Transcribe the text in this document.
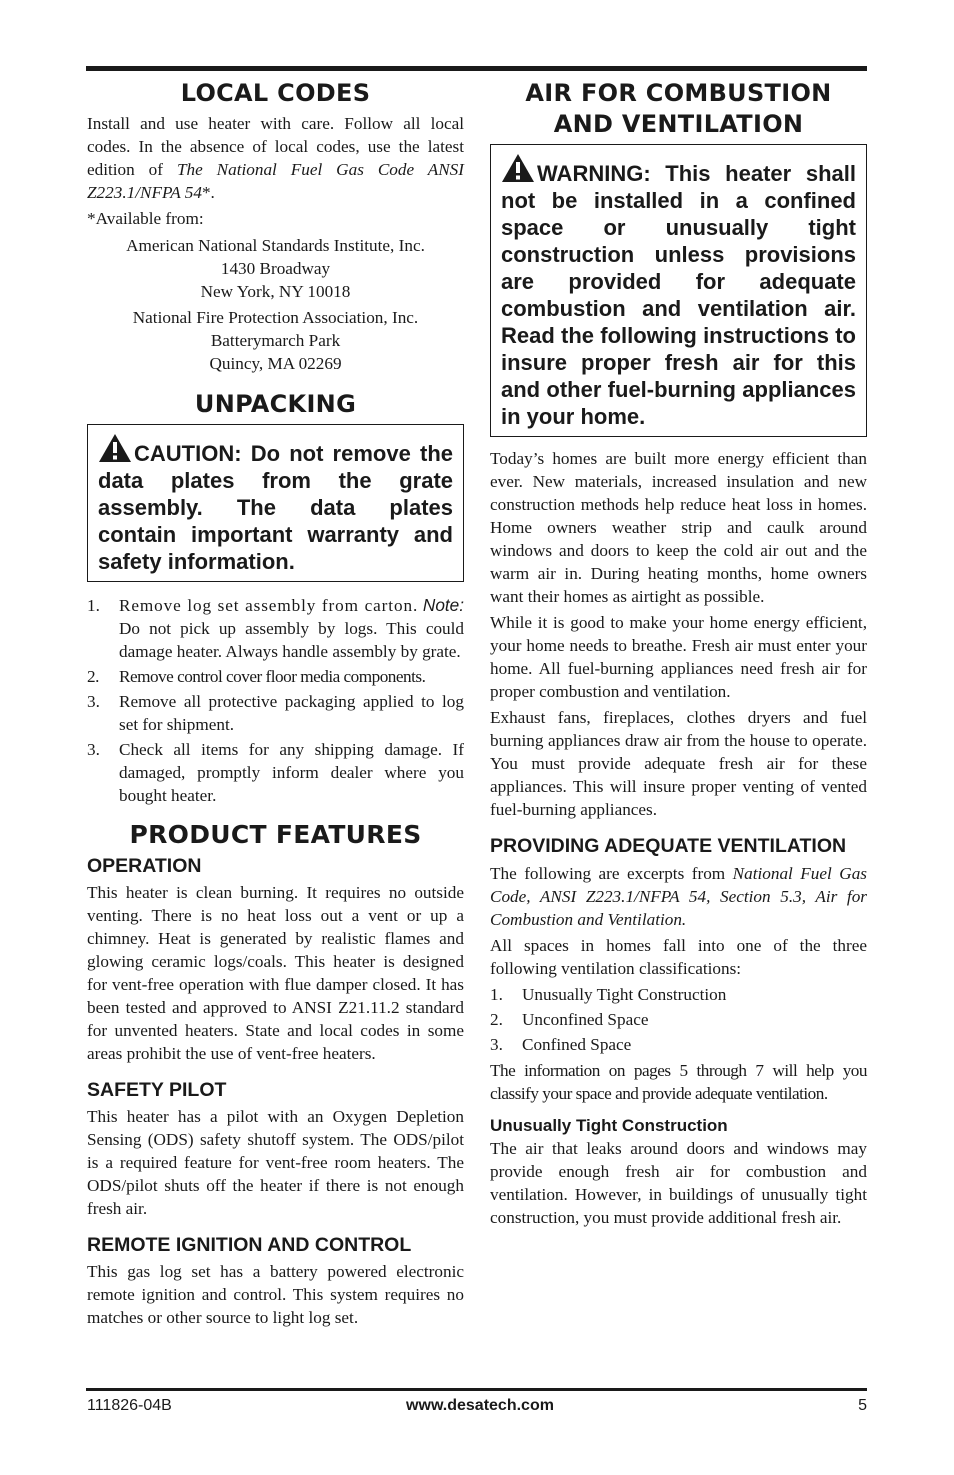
LOCAL CODES

Install and use heater with care. Follow all local codes. In the absence of local codes, use the latest edition of The National Fuel Gas Code ANSI Z223.1/NFPA 54*.

*Available from:

American National Standards Institute, Inc.

1430 Broadway

New York, NY 10018

National Fire Protection Association, Inc.

Batterymarch Park

Quincy, MA 02269

UNPACKING
CAUTION: Do not remove the data plates from the grate assembly. The data plates contain important warranty and safety information.
1. Remove log set assembly from carton. Note: Do not pick up assembly by logs. This could damage heater. Always handle assembly by grate.
2. Remove control cover floor media components.
3. Remove all protective packaging applied to log set for shipment.
3. Check all items for any shipping damage. If damaged, promptly inform dealer where you bought heater.
PRODUCT FEATURES
OPERATION

This heater is clean burning. It requires no outside venting. There is no heat loss out a vent or up a chimney. Heat is generated by realistic flames and glowing ceramic logs/coals. This heater is designed for vent-free operation with flue damper closed. It has been tested and approved to ANSI Z21.11.2 standard for unvented heaters. State and local codes in some areas prohibit the use of vent-free heaters.

SAFETY PILOT

This heater has a pilot with an Oxygen Depletion Sensing (ODS) safety shutoff system. The ODS/pilot is a required feature for vent-free room heaters. The ODS/pilot shuts off the heater if there is not enough fresh air.

REMOTE IGNITION AND CONTROL

This gas log set has a battery powered electronic remote ignition and control. This system requires no matches or other source to light log set.

AIR FOR COMBUSTION
AND VENTILATION
WARNING: This heater shall not be installed in a confined space or unusually tight construction unless provisions are provided for adequate combustion and ventilation air. Read the following instructions to insure proper fresh air for this and other fuel-burning appliances in your home.

Today’s homes are built more energy efficient than ever. New materials, increased insulation and new construction methods help reduce heat loss in homes. Home owners weather strip and caulk around windows and doors to keep the cold air out and the warm air in. During heating months, home owners want their homes as airtight as possible.

While it is good to make your home energy efficient, your home needs to breathe. Fresh air must enter your home. All fuel-burning appliances need fresh air for proper combustion and ventilation.

Exhaust fans, fireplaces, clothes dryers and fuel burning appliances draw air from the house to operate. You must provide adequate fresh air for these appliances. This will insure proper venting of vented fuel-burning appliances.

PROVIDING ADEQUATE VENTILATION

The following are excerpts from National Fuel Gas Code, ANSI Z223.1/NFPA 54, Section 5.3, Air for Combustion and Ventilation.

All spaces in homes fall into one of the three following ventilation classifications:

1. Unusually Tight Construction
2. Unconfined Space
3. Confined Space

The information on pages 5 through 7 will help you classify your space and provide adequate ventilation.

Unusually Tight Construction

The air that leaks around doors and windows may provide enough fresh air for combustion and ventilation. However, in buildings of unusually tight construction, you must provide additional fresh air.

111826-04B	www.desatech.com	5
